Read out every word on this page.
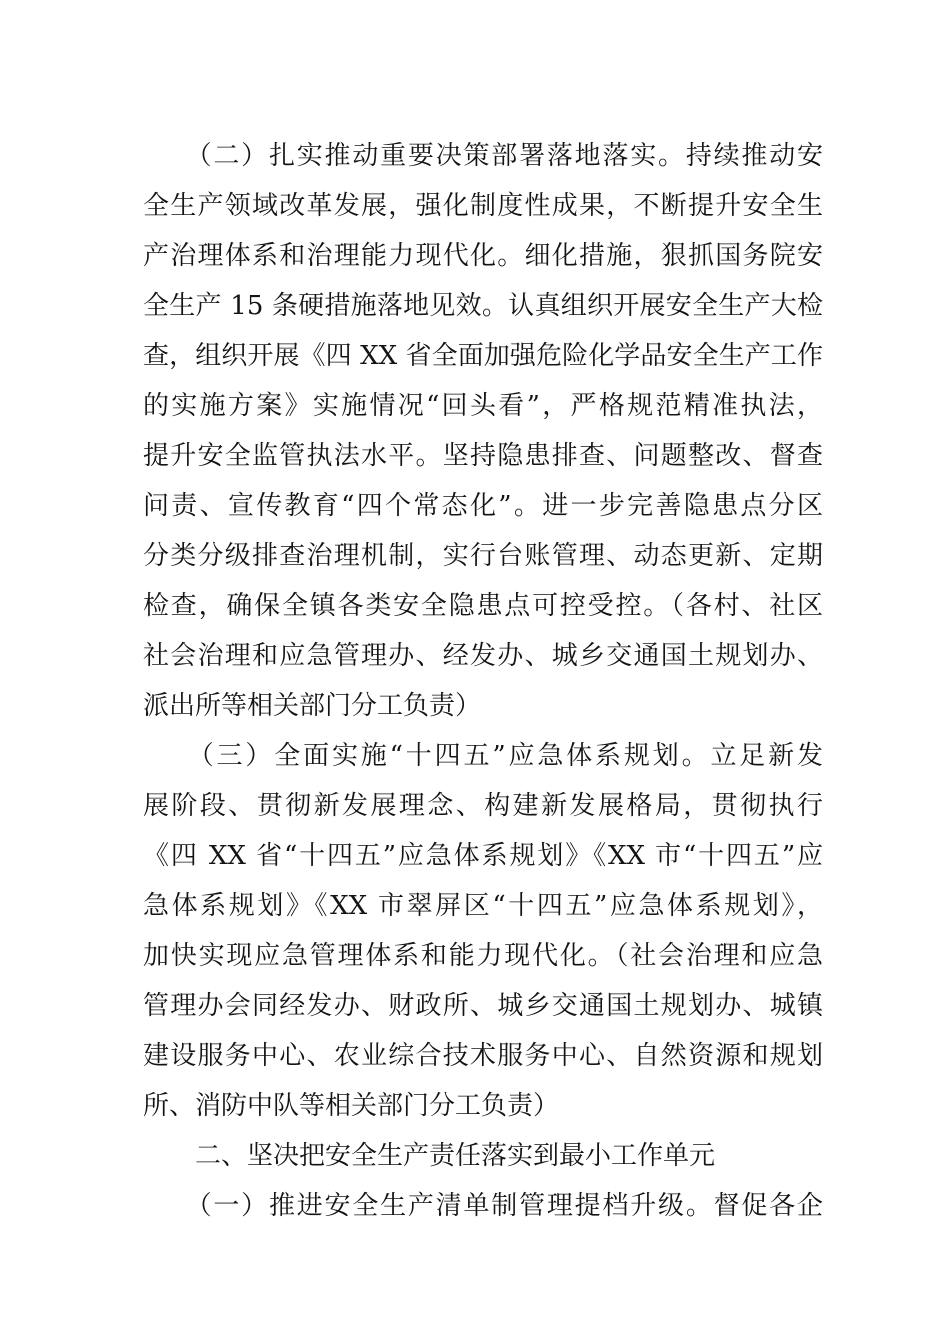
　　（二）扎实推动重要决策部署落地落实。持续推动安
全生产领域改革发展，强化制度性成果，不断提升安全生
产治理体系和治理能力现代化。细化措施，狠抓国务院安
全生产 15 条硬措施落地见效。认真组织开展安全生产大检
查，组织开展《四 XX 省全面加强危险化学品安全生产工作
的实施方案》实施情况“回头看”，严格规范精准执法，
提升安全监管执法水平。坚持隐患排查、问题整改、督查
问责、宣传教育“四个常态化”。进一步完善隐患点分区
分类分级排查治理机制，实行台账管理、动态更新、定期
检查，确保全镇各类安全隐患点可控受控。（各村、社区
社会治理和应急管理办、经发办、城乡交通国土规划办、
派出所等相关部门分工负责）
　　（三）全面实施“十四五”应急体系规划。立足新发
展阶段、贯彻新发展理念、构建新发展格局，贯彻执行
《四 XX 省“十四五”应急体系规划》《XX 市“十四五”应
急体系规划》《XX 市翠屏区“十四五”应急体系规划》，
加快实现应急管理体系和能力现代化。（社会治理和应急
管理办会同经发办、财政所、城乡交通国土规划办、城镇
建设服务中心、农业综合技术服务中心、自然资源和规划
所、消防中队等相关部门分工负责）
　　二、坚决把安全生产责任落实到最小工作单元
　　（一）推进安全生产清单制管理提档升级。督促各企
